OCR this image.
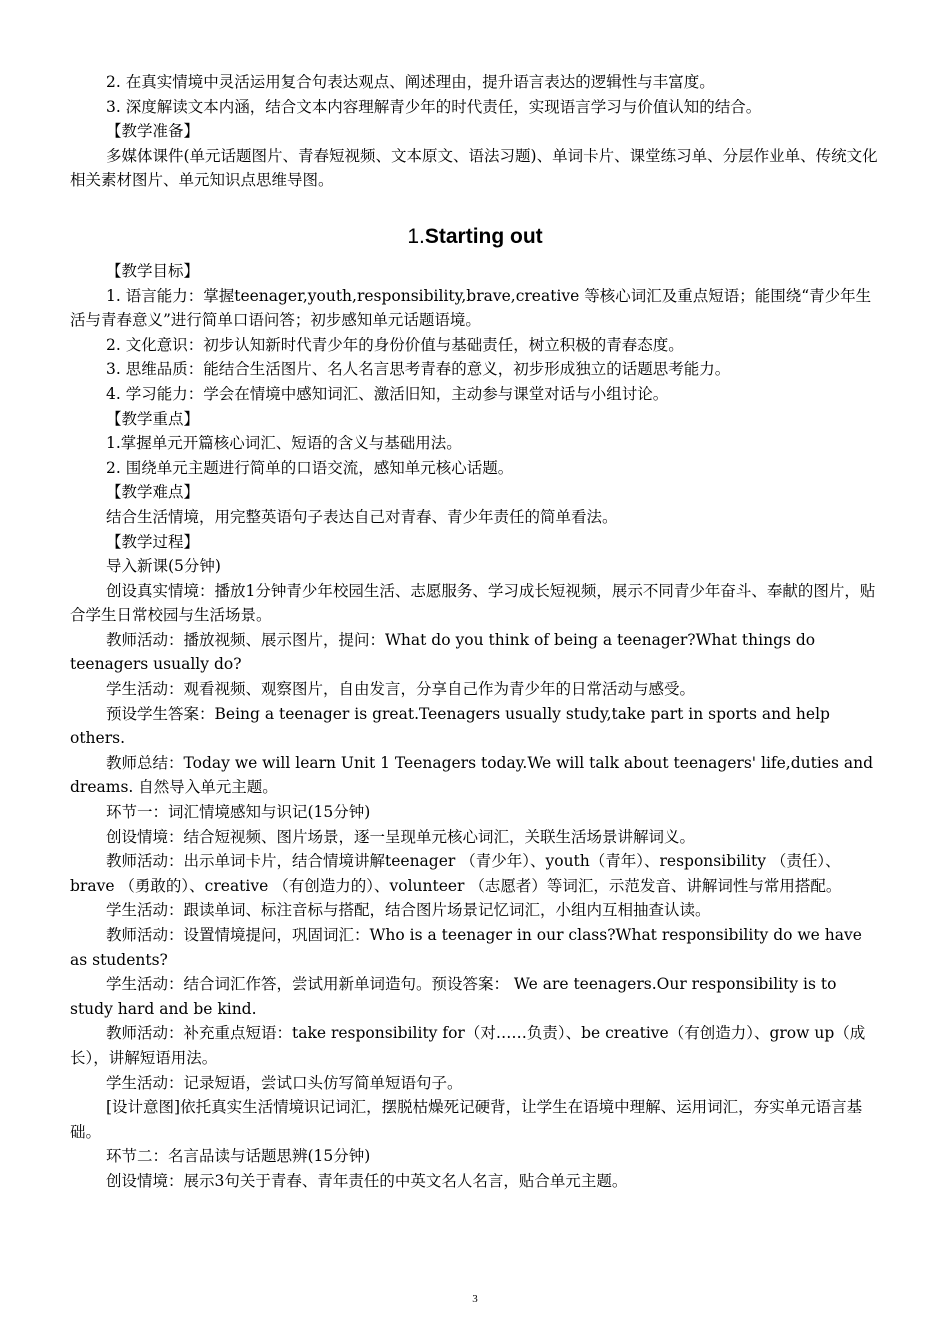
2. 在真实情境中灵活运用复合句表达观点、阐述理由，提升语言表达的逻辑性与丰富度。

3. 深度解读文本内涵，结合文本内容理解青少年的时代责任，实现语言学习与价值认知的结合。

【教学准备】

多媒体课件(单元话题图片、青春短视频、文本原文、语法习题)、单词卡片、课堂练习单、分层作业单、传统文化相关素材图片、单元知识点思维导图。

1.Starting out

【教学目标】

1. 语言能力：掌握teenager,youth,responsibility,brave,creative 等核心词汇及重点短语；能围绕“青少年生活与青春意义”进行简单口语问答；初步感知单元话题语境。

2. 文化意识：初步认知新时代青少年的身份价值与基础责任，树立积极的青春态度。

3. 思维品质：能结合生活图片、名人名言思考青春的意义，初步形成独立的话题思考能力。

4. 学习能力：学会在情境中感知词汇、激活旧知，主动参与课堂对话与小组讨论。

【教学重点】

1.掌握单元开篇核心词汇、短语的含义与基础用法。

2. 围绕单元主题进行简单的口语交流，感知单元核心话题。

【教学难点】

结合生活情境，用完整英语句子表达自己对青春、青少年责任的简单看法。

【教学过程】

导入新课(5分钟)

创设真实情境：播放1分钟青少年校园生活、志愿服务、学习成长短视频，展示不同青少年奋斗、奉献的图片，贴合学生日常校园与生活场景。

教师活动：播放视频、展示图片，提问：What do you think of being a teenager?What things do teenagers usually do?

学生活动：观看视频、观察图片，自由发言，分享自己作为青少年的日常活动与感受。

预设学生答案：Being a teenager is great.Teenagers usually study,take part in sports and help others.

教师总结：Today we will learn Unit 1 Teenagers today.We will talk about teenagers' life,duties and dreams. 自然导入单元主题。

环节一：词汇情境感知与识记(15分钟)

创设情境：结合短视频、图片场景，逐一呈现单元核心词汇，关联生活场景讲解词义。

教师活动：出示单词卡片，结合情境讲解teenager （青少年）、youth（青年）、responsibility （责任）、brave （勇敢的）、creative （有创造力的）、volunteer （志愿者）等词汇，示范发音、讲解词性与常用搭配。

学生活动：跟读单词、标注音标与搭配，结合图片场景记忆词汇，小组内互相抽查认读。

教师活动：设置情境提问，巩固词汇：Who is a teenager in our class?What responsibility do we have as students?

学生活动：结合词汇作答，尝试用新单词造句。预设答案： We are teenagers.Our responsibility is to study hard and be kind.

教师活动：补充重点短语：take responsibility for（对……负责）、be creative（有创造力）、grow up（成长），讲解短语用法。

学生活动：记录短语，尝试口头仿写简单短语句子。

[设计意图]依托真实生活情境识记词汇，摆脱枯燥死记硬背，让学生在语境中理解、运用词汇，夯实单元语言基础。

环节二：名言品读与话题思辨(15分钟)

创设情境：展示3句关于青春、青年责任的中英文名人名言，贴合单元主题。

3
